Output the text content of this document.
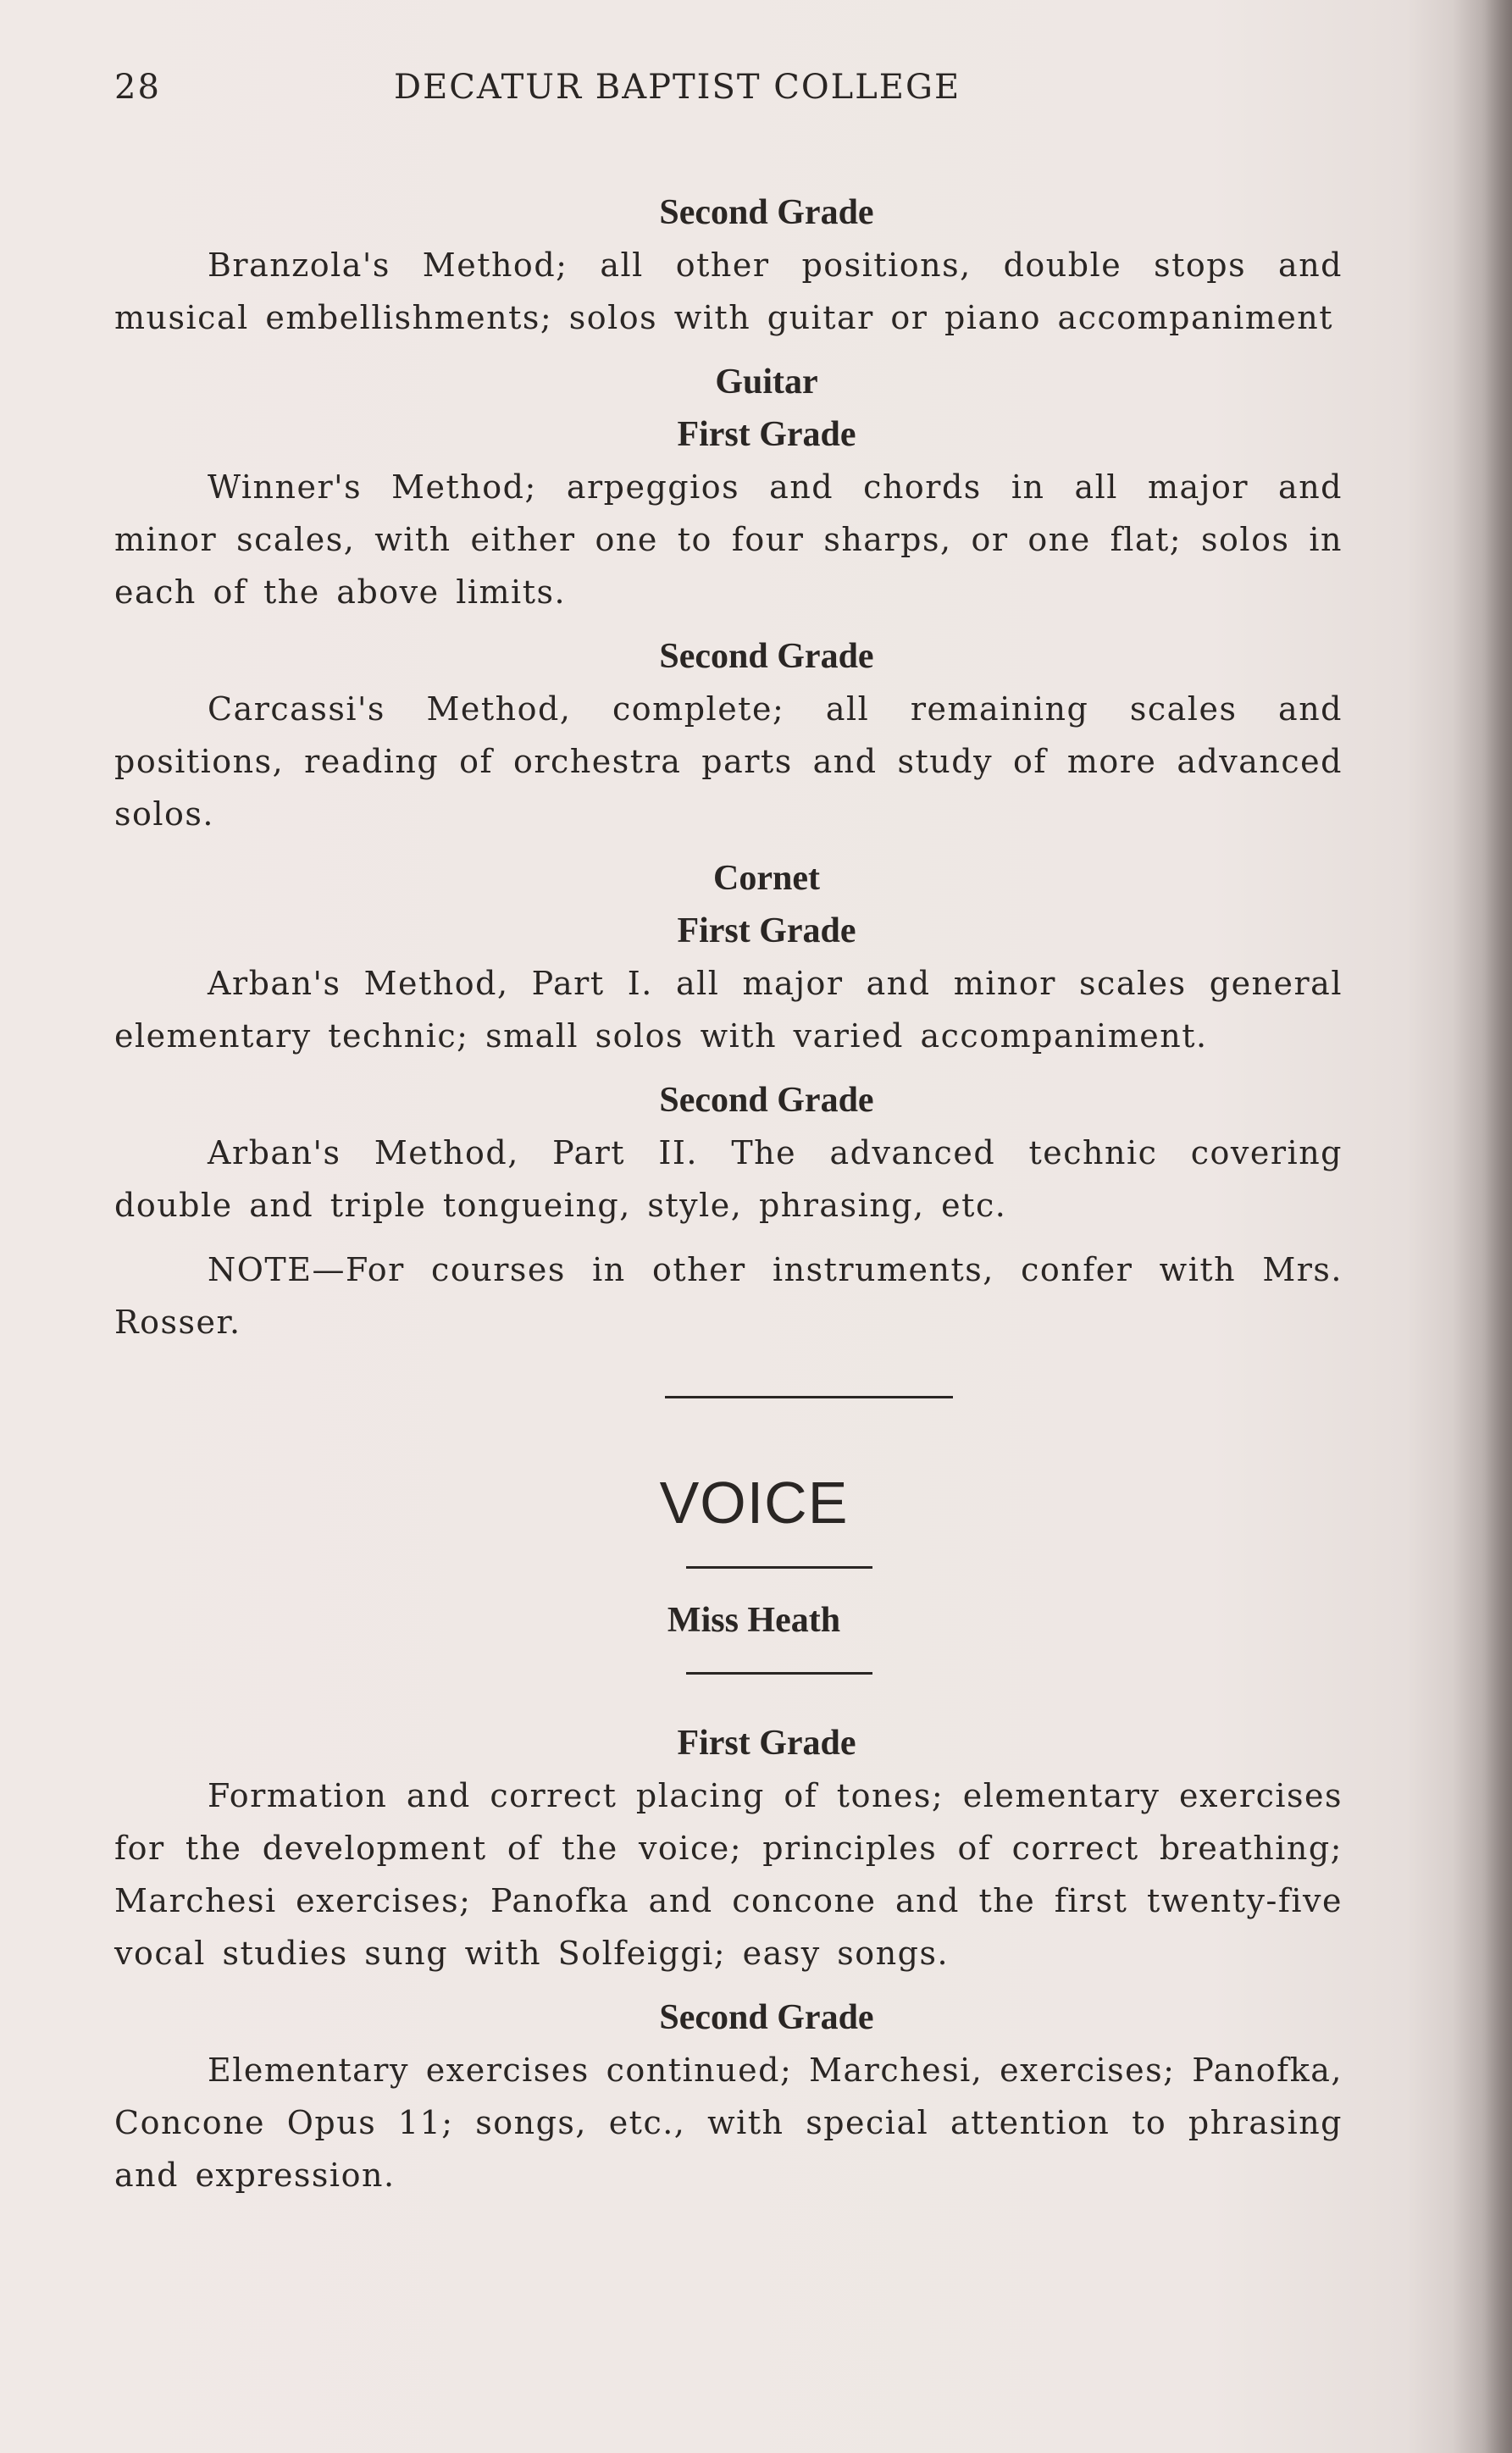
28	DECATUR BAPTIST COLLEGE

Second Grade

Branzola's Method; all other positions, double stops and musical embellishments; solos with guitar or piano accompaniment

Guitar

First Grade

Winner's Method; arpeggios and chords in all major and minor scales, with either one to four sharps, or one flat; solos in each of the above limits.

Second Grade

Carcassi's Method, complete; all remaining scales and positions, reading of orchestra parts and study of more advanced solos.

Cornet

First Grade

Arban's Method, Part I. all major and minor scales general elementary technic; small solos with varied accompaniment.

Second Grade

Arban's Method, Part II. The advanced technic covering double and triple tongueing, style, phrasing, etc.

NOTE—For courses in other instruments, confer with Mrs. Rosser.

VOICE

Miss Heath

First Grade

Formation and correct placing of tones; elementary exercises for the development of the voice; principles of correct breathing; Marchesi exercises; Panofka and concone and the first twenty-five vocal studies sung with Solfeiggi; easy songs.

Second Grade

Elementary exercises continued; Marchesi, exercises; Panofka, Concone Opus 11; songs, etc., with special attention to phrasing and expression.
